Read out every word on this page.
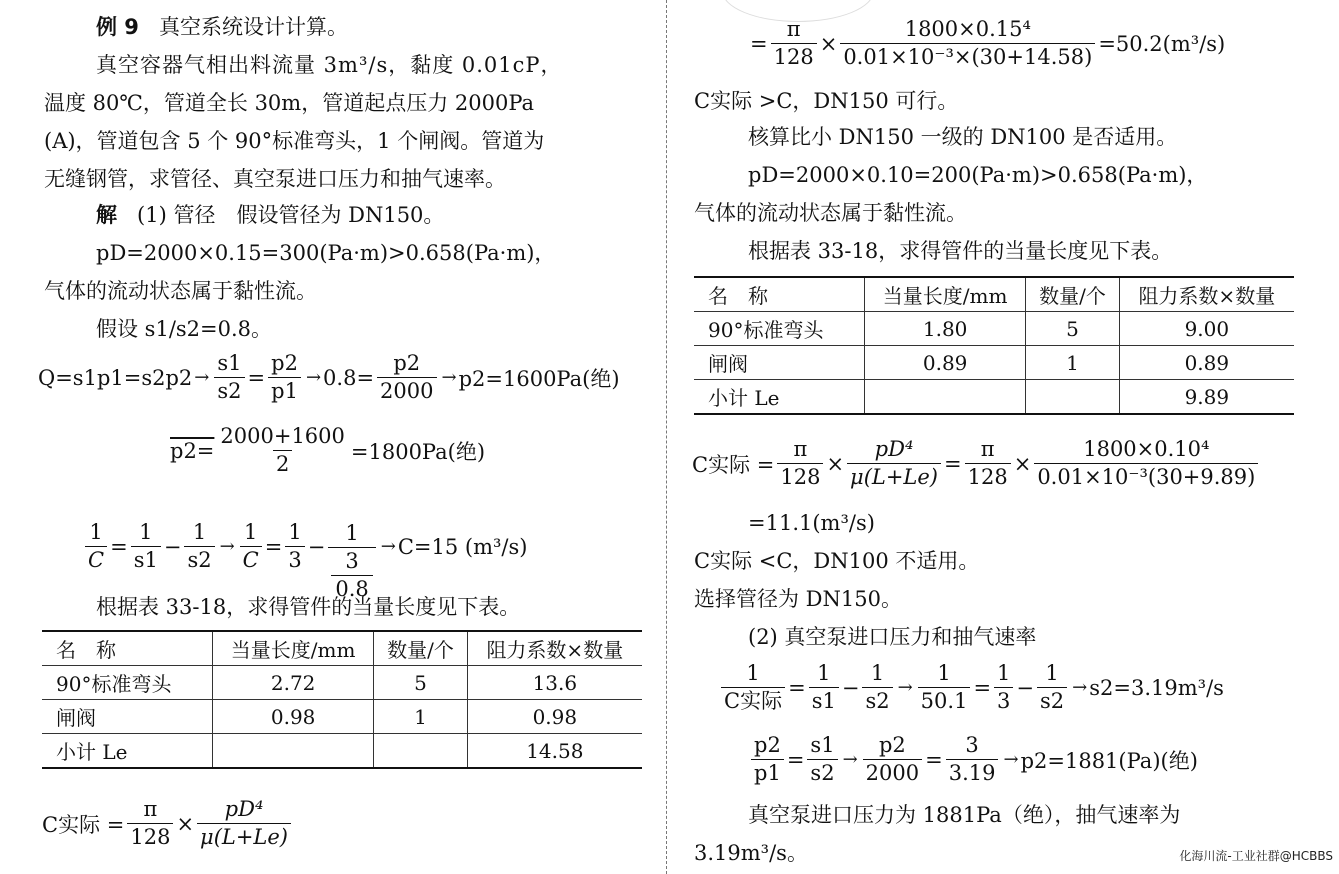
例 9 真空系统设计计算。
真空容器气相出料流量 3m³/s，黏度 0.01cP，
温度 80℃，管道全长 30m，管道起点压力 2000Pa
(A)，管道包含 5 个 90°标准弯头，1 个闸阀。管道为
无缝钢管，求管径、真空泵进口压力和抽气速率。
解 (1) 管径　假设管径为 DN150。
pD=2000×0.15=300(Pa·m)>0.658(Pa·m)，
气体的流动状态属于黏性流。
假设 s1/s2=0.8。
Q=s1p1=s2p2 →
s1
s2
=
p2
p1
→ $0.8= \frac{p2}{2000} \to p2=1600Pa$(绝)
$p2= \frac{2000+1600}{2} =1800Pa$(绝)
1
C
=
1
s1
−
1
s2
→
1
C
=
1
3
−
1
3
0.8
→ C=15 (m³/s)
根据表 33-18，求得管件的当量长度见下表。
名　称	当量长度/mm	数量/个	阻力系数×数量
90°标准弯头	2.72	5	13.6
闸阀	0.98	1	0.98
小计 Le			14.58
C实际 = $\frac{\pi}{128}$ ×
pD⁴
μ(L+Le)
=
π
128
× $\frac{\text{1800×0.15⁴}}{\text{0.01×10⁻³×(30+14.58)}} =50.2(m^3/s)$
C实际 >C，DN150 可行。
核算比小 DN150 一级的 DN100 是否适用。
pD=2000×0.10=200(Pa·m)>0.658(Pa·m)，
气体的流动状态属于黏性流。
根据表 33-18，求得管件的当量长度见下表。
名　称	当量长度/mm	数量/个	阻力系数×数量
90°标准弯头	1.80	5	9.00
闸阀	0.89	1	0.89
小计 Le			9.89
C实际 = $\frac{\pi}{128}$ ×
pD⁴
μ(L+Le)
=
π
128
×
1800×0.10⁴
0.01×10⁻³(30+9.89)
=11.1(m³/s)
C实际 <C，DN100 不适用。
选择管径为 DN150。
(2) 真空泵进口压力和抽气速率
1
C实际
=
1
s1
−
1
s2
→
1
50.1
=
1
3
−
1
s2
→ s2=3.19m³/s
p2
p1
=
s1
s2
→
p2
2000
=
3
3.19
→ p2=1881(Pa)(绝)
真空泵进口压力为 1881Pa（绝），抽气速率为
3.19m³/s。	化海川流-工业社群@HCBBS
